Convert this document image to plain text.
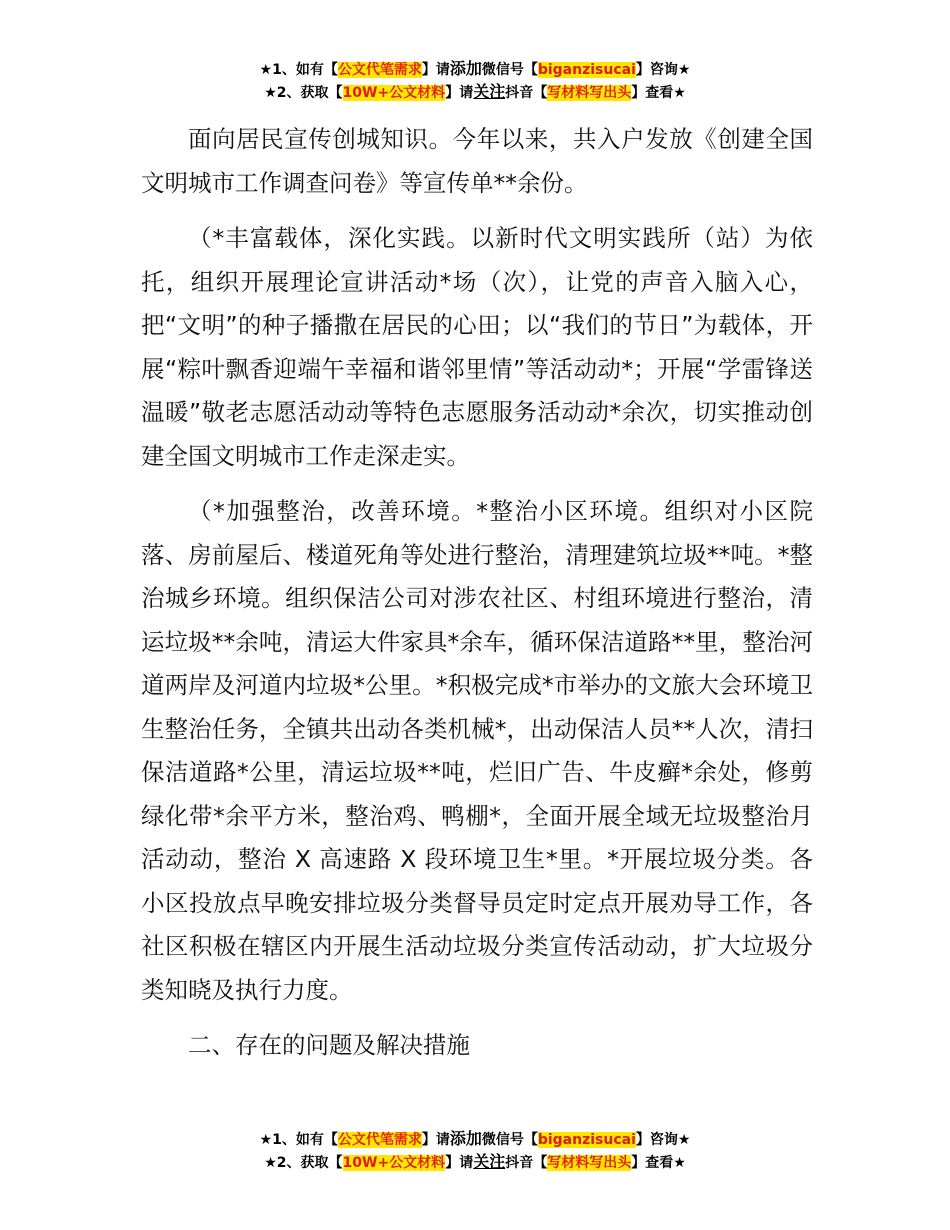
★1、如有【公文代笔需求】请添加微信号【biganzisucai】咨询★
★2、获取【10W+公文材料】请关注抖音【写材料写出头】查看★

面向居民宣传创城知识。今年以来，共入户发放《创建全国文明城市工作调查问卷》等宣传单**余份。

（*丰富载体，深化实践。以新时代文明实践所（站）为依托，组织开展理论宣讲活动*场（次），让党的声音入脑入心，把“文明”的种子播撒在居民的心田；以“我们的节日”为载体，开展“粽叶飘香迎端午幸福和谐邻里情”等活动动*；开展“学雷锋送温暖”敬老志愿活动动等特色志愿服务活动动*余次，切实推动创建全国文明城市工作走深走实。

（*加强整治，改善环境。*整治小区环境。组织对小区院落、房前屋后、楼道死角等处进行整治，清理建筑垃圾**吨。*整治城乡环境。组织保洁公司对涉农社区、村组环境进行整治，清运垃圾**余吨，清运大件家具*余车，循环保洁道路**里，整治河道两岸及河道内垃圾*公里。*积极完成*市举办的文旅大会环境卫生整治任务，全镇共出动各类机械*，出动保洁人员**人次，清扫保洁道路*公里，清运垃圾**吨，烂旧广告、牛皮癣*余处，修剪绿化带*余平方米，整治鸡、鸭棚*，全面开展全域无垃圾整治月活动动，整治 X 高速路 X 段环境卫生*里。*开展垃圾分类。各小区投放点早晚安排垃圾分类督导员定时定点开展劝导工作，各社区积极在辖区内开展生活动垃圾分类宣传活动动，扩大垃圾分类知晓及执行力度。

二、存在的问题及解决措施

★1、如有【公文代笔需求】请添加微信号【biganzisucai】咨询★
★2、获取【10W+公文材料】请关注抖音【写材料写出头】查看★
